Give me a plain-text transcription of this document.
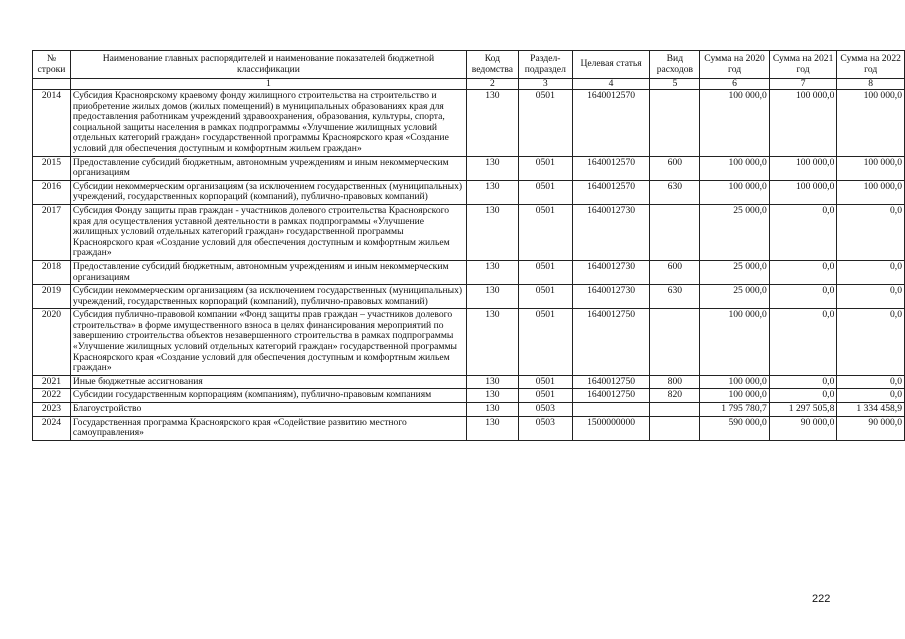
№ строки	Наименование главных распорядителей и наименование показателей бюджетной классификации	Код ведомства	Раздел-подраздел	Целевая статья	Вид расходов	Сумма на 2020 год	Сумма на 2021 год	Сумма на 2022 год
	1	2	3	4	5	6	7	8
2014	Субсидия Красноярскому краевому фонду жилищного строительства на строительство и приобретение жилых домов (жилых помещений) в муниципальных образованиях края для предоставления работникам учреждений здравоохранения, образования, культуры, спорта, социальной защиты населения в рамках подпрограммы «Улучшение жилищных условий отдельных категорий граждан» государственной программы Красноярского края «Создание условий для обеспечения доступным и комфортным жильем граждан»	130	0501	1640012570		100 000,0	100 000,0	100 000,0
2015	Предоставление субсидий бюджетным, автономным учреждениям и иным некоммерческим организациям	130	0501	1640012570	600	100 000,0	100 000,0	100 000,0
2016	Субсидии некоммерческим организациям (за исключением государственных (муниципальных) учреждений, государственных корпораций (компаний), публично-правовых компаний)	130	0501	1640012570	630	100 000,0	100 000,0	100 000,0
2017	Субсидия Фонду защиты прав граждан - участников долевого строительства Красноярского края для осуществления уставной деятельности в рамках подпрограммы «Улучшение жилищных условий отдельных категорий граждан» государственной программы Красноярского края «Создание условий для обеспечения доступным и комфортным жильем граждан»	130	0501	1640012730		25 000,0	0,0	0,0
2018	Предоставление субсидий бюджетным, автономным учреждениям и иным некоммерческим организациям	130	0501	1640012730	600	25 000,0	0,0	0,0
2019	Субсидии некоммерческим организациям (за исключением государственных (муниципальных) учреждений, государственных корпораций (компаний), публично-правовых компаний)	130	0501	1640012730	630	25 000,0	0,0	0,0
2020	Субсидия публично-правовой компании «Фонд защиты прав граждан – участников долевого строительства» в форме имущественного взноса в целях финансирования мероприятий по завершению строительства объектов незавершенного строительства в рамках подпрограммы «Улучшение жилищных условий отдельных категорий граждан» государственной программы Красноярского края «Создание условий для обеспечения доступным и комфортным жильем граждан»	130	0501	1640012750		100 000,0	0,0	0,0
2021	Иные бюджетные ассигнования	130	0501	1640012750	800	100 000,0	0,0	0,0
2022	Субсидии государственным корпорациям (компаниям), публично-правовым компаниям	130	0501	1640012750	820	100 000,0	0,0	0,0
2023	Благоустройство	130	0503			1 795 780,7	1 297 505,8	1 334 458,9
2024	Государственная программа Красноярского края «Содействие развитию местного самоуправления»	130	0503	1500000000		590 000,0	90 000,0	90 000,0
222
